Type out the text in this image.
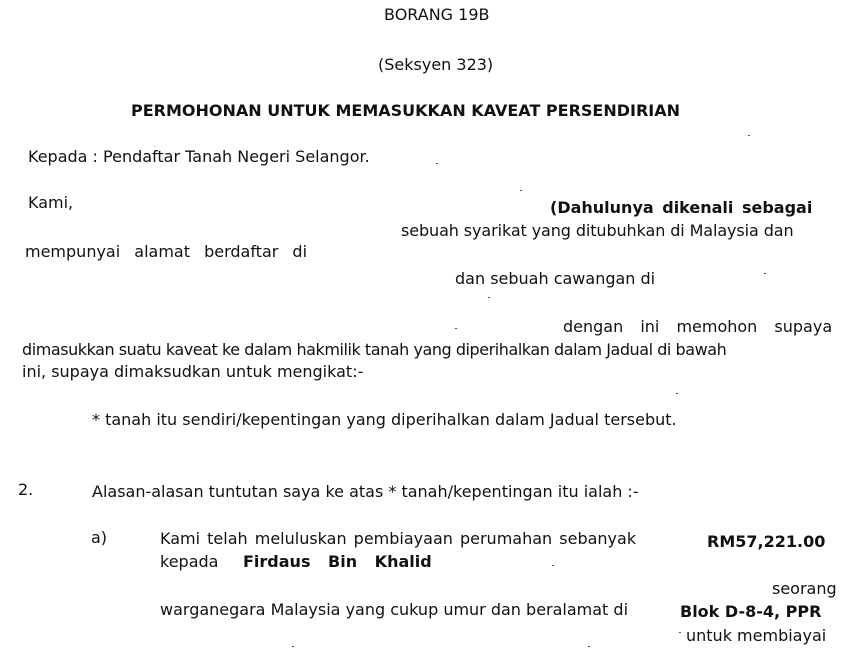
BORANG 19B
(Seksyen 323)
PERMOHONAN UNTUK MEMASUKKAN KAVEAT PERSENDIRIAN
Kepada : Pendaftar Tanah Negeri Selangor.
Kami,	(Dahulunya dikenali sebagai
sebuah syarikat yang ditubuhkan di Malaysia dan
mempunyai alamat berdaftar di
dan sebuah cawangan di
dengan ini memohon supaya
dimasukkan suatu kaveat ke dalam hakmilik tanah yang diperihalkan dalam Jadual di bawah
ini, supaya dimaksudkan untuk mengikat:-
* tanah itu sendiri/kepentingan yang diperihalkan dalam Jadual tersebut.
2.	Alasan-alasan tuntutan saya ke atas * tanah/kepentingan itu ialah :-
a)	Kami telah meluluskan pembiayaan perumahan sebanyak	RM57,221.00
kepada Firdaus Bin Khalid
seorang
warganegara Malaysia yang cukup umur dan beralamat di	Blok D-8-4, PPR
untuk membiayai
